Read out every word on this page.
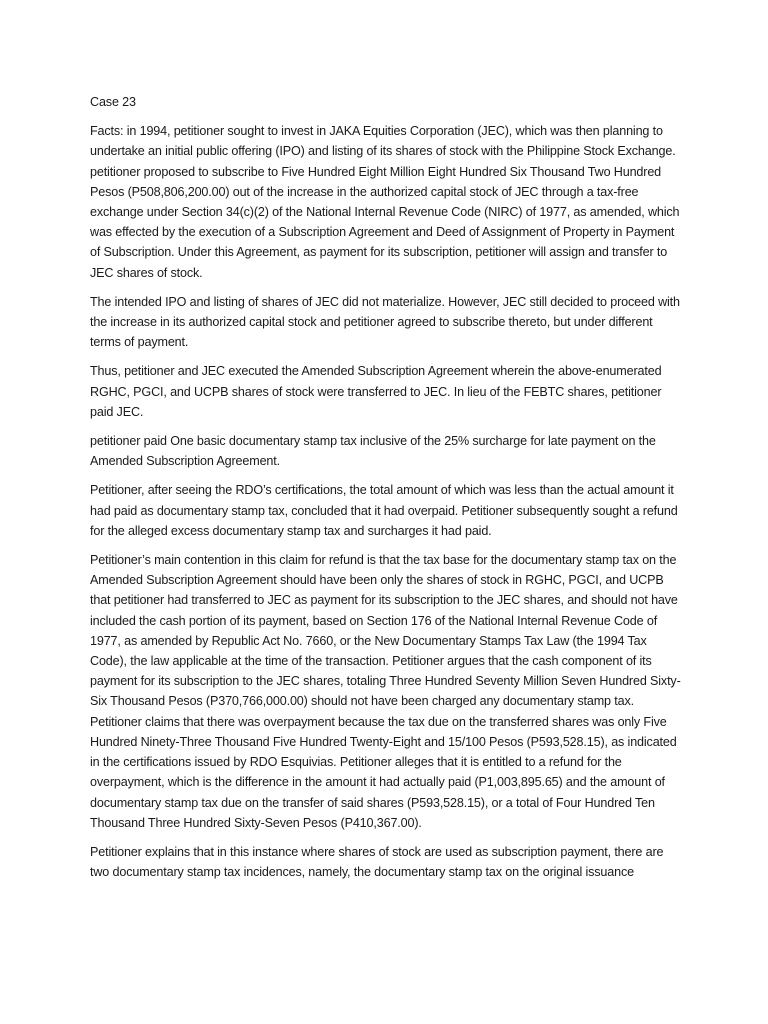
Case 23

Facts: in 1994, petitioner sought to invest in JAKA Equities Corporation (JEC), which was then planning to undertake an initial public offering (IPO) and listing of its shares of stock with the Philippine Stock Exchange. petitioner proposed to subscribe to Five Hundred Eight Million Eight Hundred Six Thousand Two Hundred Pesos (P508,806,200.00) out of the increase in the authorized capital stock of JEC through a tax-free exchange under Section 34(c)(2) of the National Internal Revenue Code (NIRC) of 1977, as amended, which was effected by the execution of a Subscription Agreement and Deed of Assignment of Property in Payment of Subscription. Under this Agreement, as payment for its subscription, petitioner will assign and transfer to JEC shares of stock.

The intended IPO and listing of shares of JEC did not materialize. However, JEC still decided to proceed with the increase in its authorized capital stock and petitioner agreed to subscribe thereto, but under different terms of payment.

Thus, petitioner and JEC executed the Amended Subscription Agreement wherein the above-enumerated RGHC, PGCI, and UCPB shares of stock were transferred to JEC. In lieu of the FEBTC shares, petitioner paid JEC.

petitioner paid One basic documentary stamp tax inclusive of the 25% surcharge for late payment on the Amended Subscription Agreement.

Petitioner, after seeing the RDO’s certifications, the total amount of which was less than the actual amount it had paid as documentary stamp tax, concluded that it had overpaid. Petitioner subsequently sought a refund for the alleged excess documentary stamp tax and surcharges it had paid.

Petitioner’s main contention in this claim for refund is that the tax base for the documentary stamp tax on the Amended Subscription Agreement should have been only the shares of stock in RGHC, PGCI, and UCPB that petitioner had transferred to JEC as payment for its subscription to the JEC shares, and should not have included the cash portion of its payment, based on Section 176 of the National Internal Revenue Code of 1977, as amended by Republic Act No. 7660, or the New Documentary Stamps Tax Law (the 1994 Tax Code), the law applicable at the time of the transaction. Petitioner argues that the cash component of its payment for its subscription to the JEC shares, totaling Three Hundred Seventy Million Seven Hundred Sixty-Six Thousand Pesos (P370,766,000.00) should not have been charged any documentary stamp tax. Petitioner claims that there was overpayment because the tax due on the transferred shares was only Five Hundred Ninety-Three Thousand Five Hundred Twenty-Eight and 15/100 Pesos (P593,528.15), as indicated in the certifications issued by RDO Esquivias. Petitioner alleges that it is entitled to a refund for the overpayment, which is the difference in the amount it had actually paid (P1,003,895.65) and the amount of documentary stamp tax due on the transfer of said shares (P593,528.15), or a total of Four Hundred Ten Thousand Three Hundred Sixty-Seven Pesos (P410,367.00).

Petitioner explains that in this instance where shares of stock are used as subscription payment, there are two documentary stamp tax incidences, namely, the documentary stamp tax on the original issuance
